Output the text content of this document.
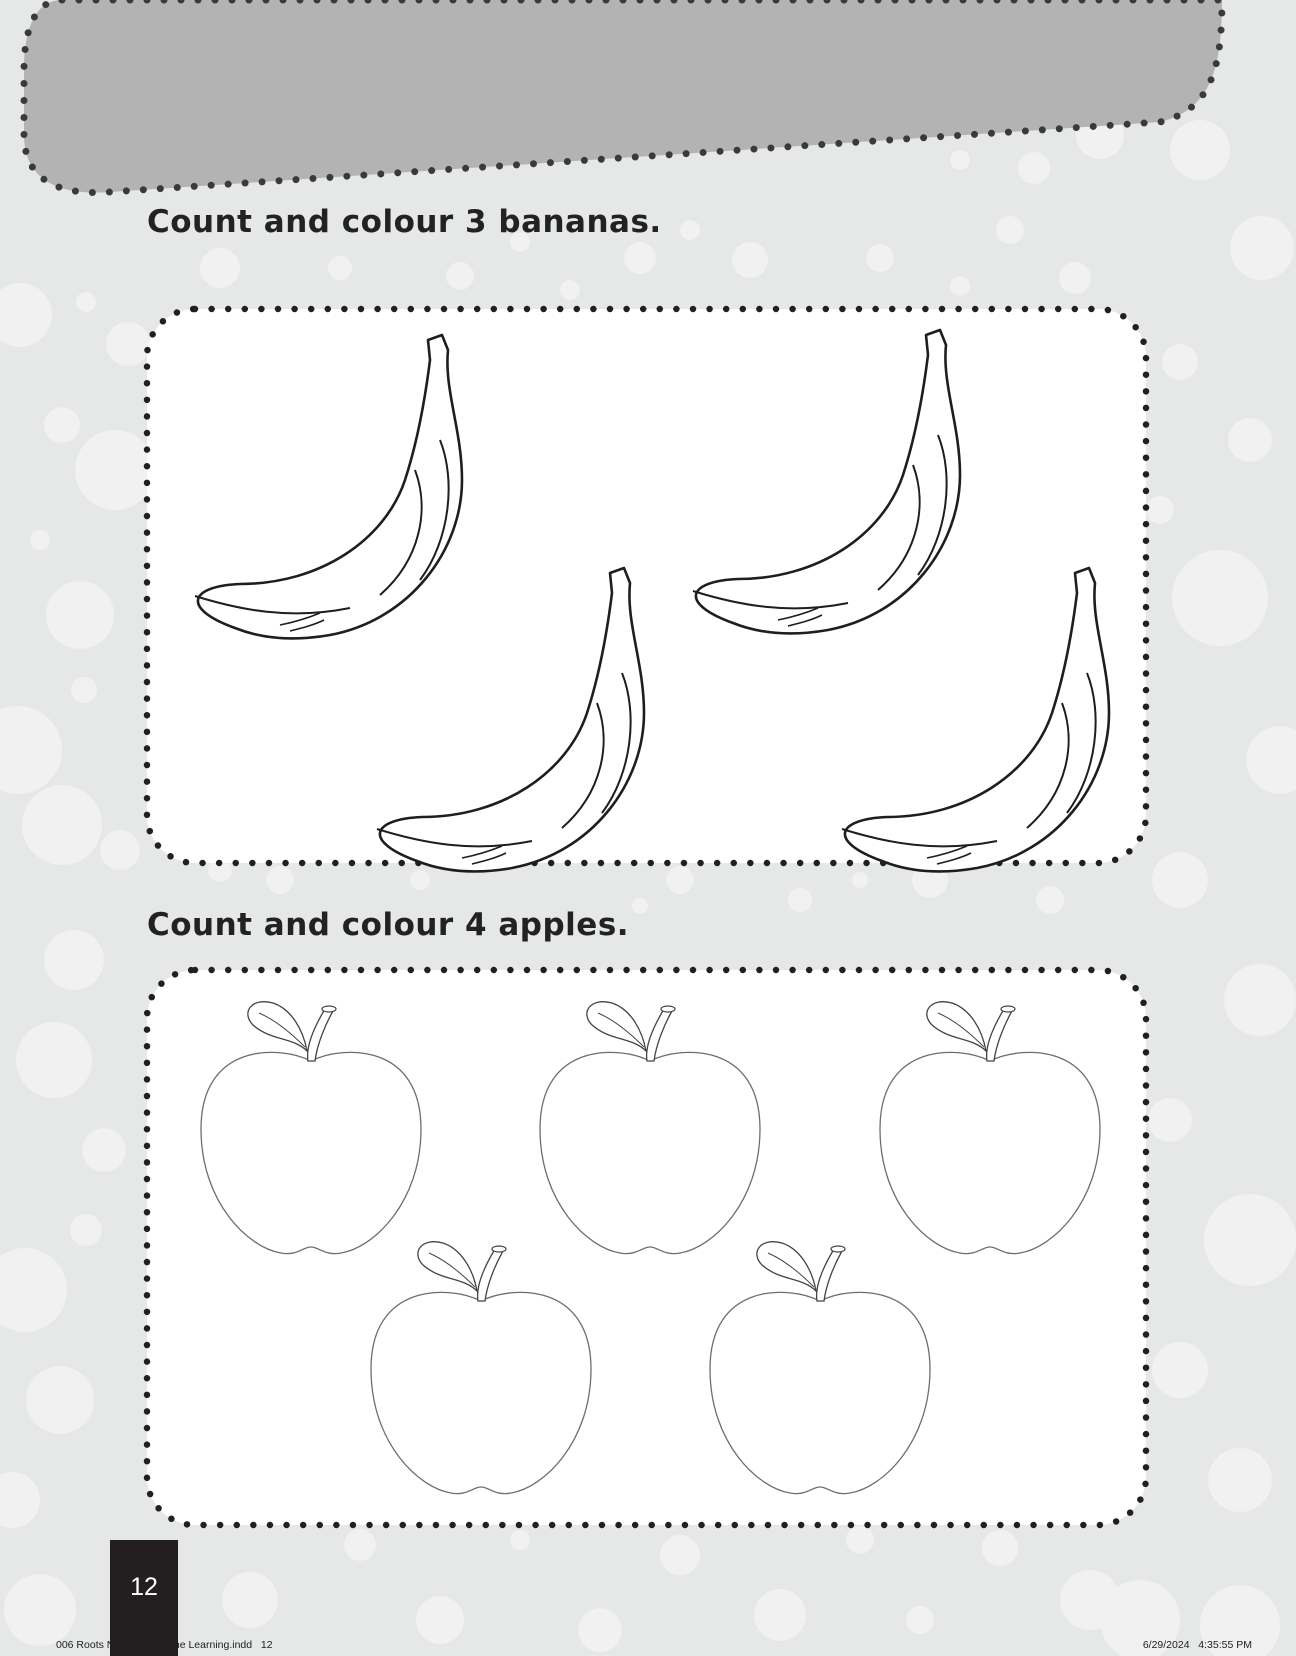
Count and colour 3 bananas.
Count and colour 4 apples.
12
006 Roots Numeracy Home Learning.indd   12	6/29/2024   4:35:55 PM
